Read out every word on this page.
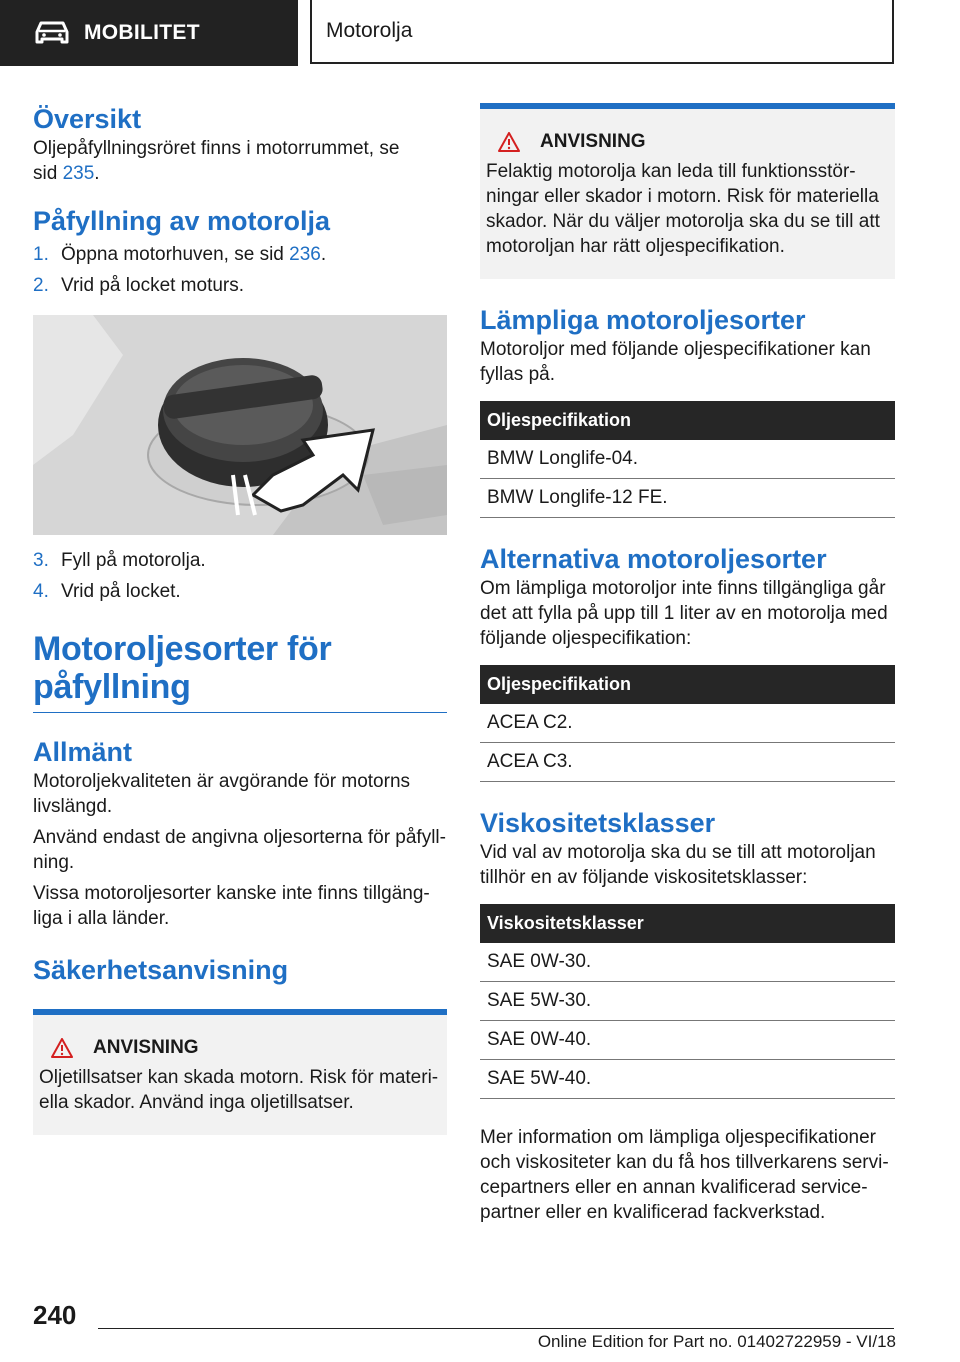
MOBILITET	Motorolja
Översikt

Oljepåfyllningsröret finns i motorrummet, se sid 235.

Påfyllning av motorolja
1. Öppna motorhuven, se sid 236.
2. Vrid på locket moturs.
3. Fyll på motorolja.
4. Vrid på locket.
Motoroljesorter för påfyllning
Allmänt

Motoroljekvaliteten är avgörande för motorns livslängd.

Använd endast de angivna oljesorterna för påfyllning.

Vissa motoroljesorter kanske inte finns tillgängliga i alla länder.

Säkerhetsanvisning
ANVISNING

Oljetillsatser kan skada motorn. Risk för materiella skador. Använd inga oljetillsatser.

ANVISNING

Felaktig motorolja kan leda till funktionsstörningar eller skador i motorn. Risk för materiella skador. När du väljer motorolja ska du se till att motoroljan har rätt oljespecifikation.

Lämpliga motoroljesorter

Motoroljor med följande oljespecifikationer kan fyllas på.

Oljespecifikation
BMW Longlife-04.
BMW Longlife-12 FE.
Alternativa motoroljesorter

Om lämpliga motoroljor inte finns tillgängliga går det att fylla på upp till 1 liter av en motorolja med följande oljespecifikation:

Oljespecifikation
ACEA C2.
ACEA C3.
Viskositetsklasser

Vid val av motorolja ska du se till att motoroljan tillhör en av följande viskositetsklasser:

Viskositetsklasser
SAE 0W-30.
SAE 5W-30.
SAE 0W-40.
SAE 5W-40.

Mer information om lämpliga oljespecifikationer och viskositeter kan du få hos tillverkarens servicepartners eller en annan kvalificerad servicepartner eller en kvalificerad fackverkstad.

240
Online Edition for Part no. 01402722959 - VI/18
